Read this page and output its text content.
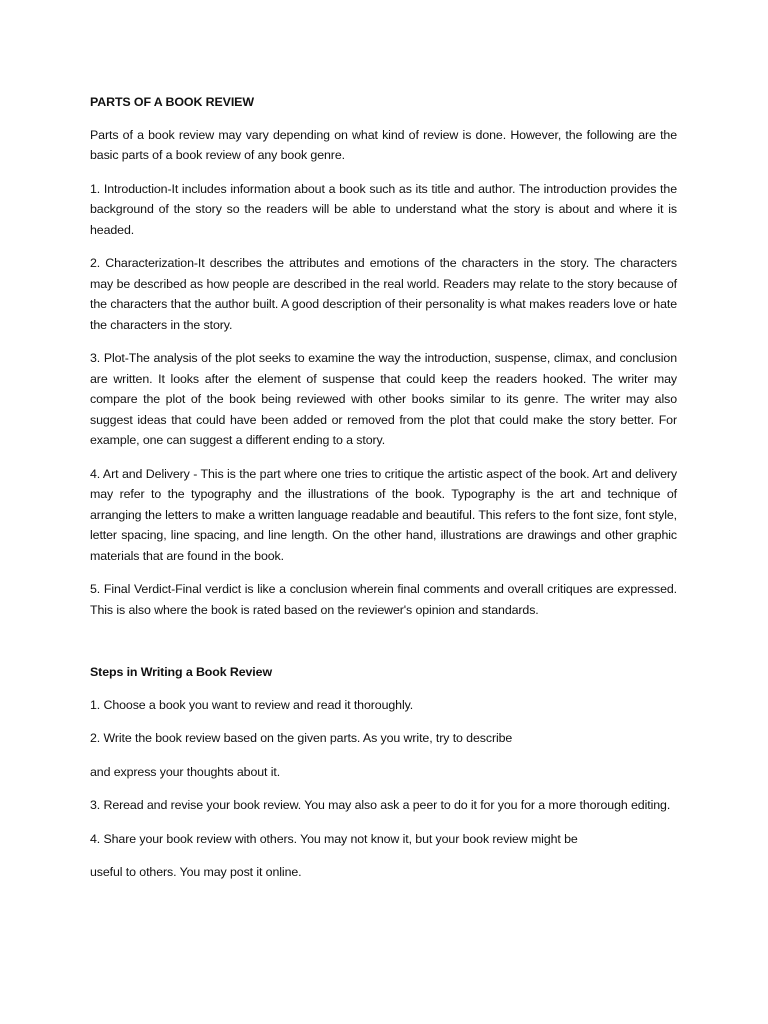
PARTS OF A BOOK REVIEW

Parts of a book review may vary depending on what kind of review is done. However, the following are the basic parts of a book review of any book genre.

1. Introduction-It includes information about a book such as its title and author. The introduction provides the background of the story so the readers will be able to understand what the story is about and where it is headed.

2. Characterization-It describes the attributes and emotions of the characters in the story. The characters may be described as how people are described in the real world. Readers may relate to the story because of the characters that the author built. A good description of their personality is what makes readers love or hate the characters in the story.

3. Plot-The analysis of the plot seeks to examine the way the introduction, suspense, climax, and conclusion are written. It looks after the element of suspense that could keep the readers hooked. The writer may compare the plot of the book being reviewed with other books similar to its genre. The writer may also suggest ideas that could have been added or removed from the plot that could make the story better. For example, one can suggest a different ending to a story.

4. Art and Delivery - This is the part where one tries to critique the artistic aspect of the book. Art and delivery may refer to the typography and the illustrations of the book. Typography is the art and technique of arranging the letters to make a written language readable and beautiful. This refers to the font size, font style, letter spacing, line spacing, and line length. On the other hand, illustrations are drawings and other graphic materials that are found in the book.

5. Final Verdict-Final verdict is like a conclusion wherein final comments and overall critiques are expressed. This is also where the book is rated based on the reviewer's opinion and standards.

Steps in Writing a Book Review

1. Choose a book you want to review and read it thoroughly.

2. Write the book review based on the given parts. As you write, try to describe

and express your thoughts about it.

3. Reread and revise your book review. You may also ask a peer to do it for you for a more thorough editing.

4. Share your book review with others. You may not know it, but your book review might be

useful to others. You may post it online.
